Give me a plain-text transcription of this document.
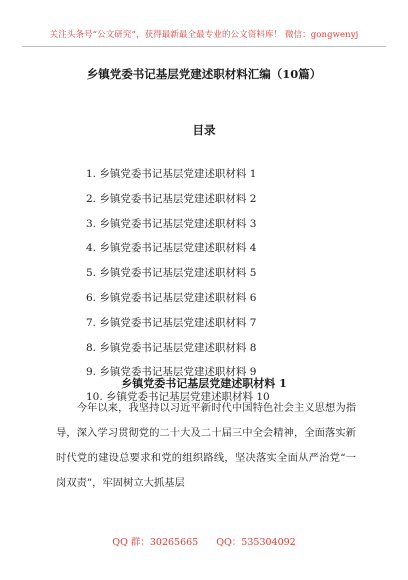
关注头条号“公文研究”，获得最新最全最专业的公文资料库！ 微信：gongwenyj
乡镇党委书记基层党建述职材料汇编（10篇）
目录
1. 乡镇党委书记基层党建述职材料 1
2. 乡镇党委书记基层党建述职材料 2
3. 乡镇党委书记基层党建述职材料 3
4. 乡镇党委书记基层党建述职材料 4
5. 乡镇党委书记基层党建述职材料 5
6. 乡镇党委书记基层党建述职材料 6
7. 乡镇党委书记基层党建述职材料 7
8. 乡镇党委书记基层党建述职材料 8
9. 乡镇党委书记基层党建述职材料 9
10. 乡镇党委书记基层党建述职材料 10
乡镇党委书记基层党建述职材料 1
　　今年以来，我坚持以习近平新时代中国特色社会主义思想为指导，深入学习贯彻党的二十大及二十届三中全会精神，全面落实新时代党的建设总要求和党的组织路线，坚决落实全面从严治党“一岗双责”，牢固树立大抓基层
QQ 群：30265665 QQ：535304092
